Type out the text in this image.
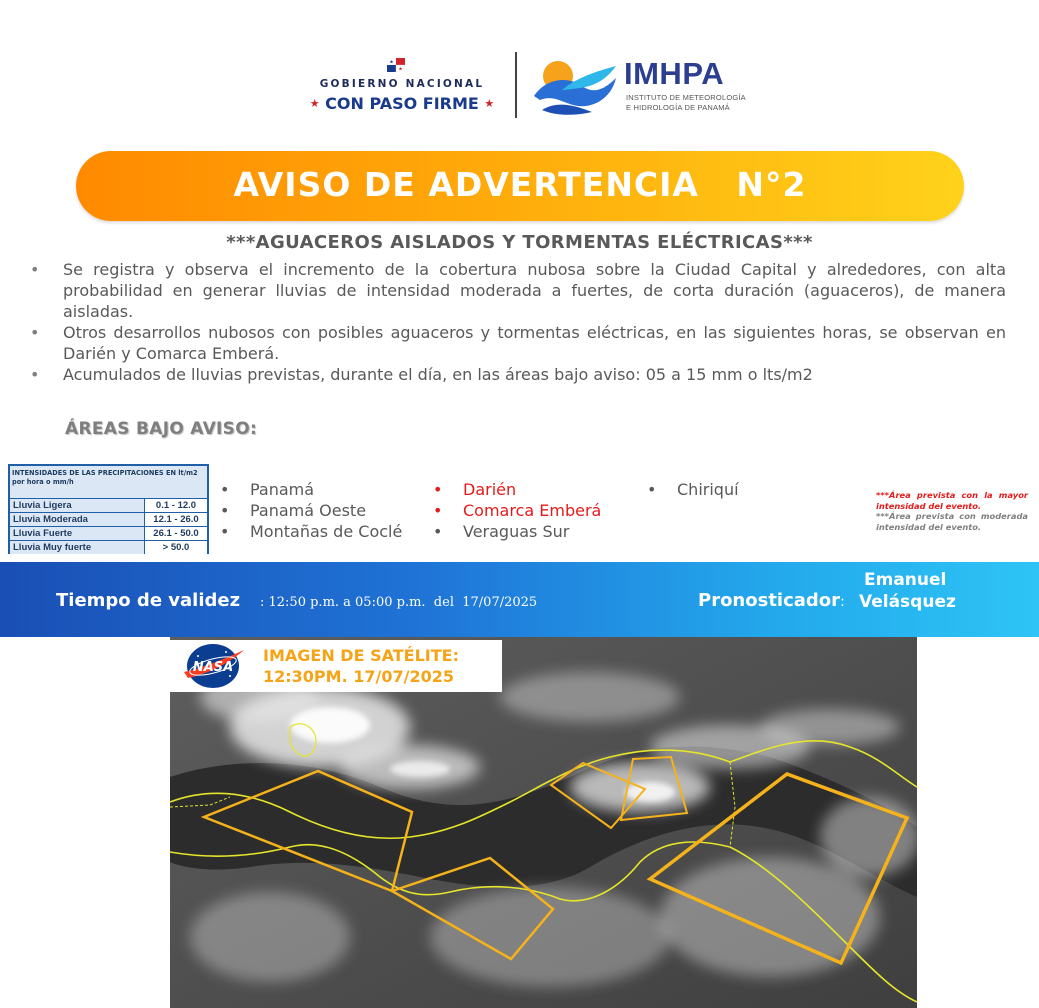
★
★
GOBIERNO NACIONAL
★ CON PASO FIRME ★
IMHPA
INSTITUTO DE METEOROLOGÍA
E HIDROLOGÍA DE PANAMÁ
AVISO DE ADVERTENCIA   N°2
***AGUACEROS AISLADOS Y TORMENTAS ELÉCTRICAS***
• Se registra y observa el incremento de la cobertura nubosa sobre la Ciudad Capital y alrededores, con alta probabilidad en generar lluvias de intensidad moderada a fuertes, de corta duración (aguaceros), de manera aisladas.
• Otros desarrollos nubosos con posibles aguaceros y tormentas eléctricas, en las siguientes horas, se observan en Darién y Comarca Emberá.
• Acumulados de lluvias previstas, durante el día, en las áreas bajo aviso: 05 a 15 mm o lts/m2
ÁREAS BAJO AVISO:
INTENSIDADES DE LAS PRECIPITACIONES EN lt/m2 por hora o mm/h
Lluvia Ligera	0.1 - 12.0
Lluvia Moderada	12.1 - 26.0
Lluvia Fuerte	26.1 - 50.0
Lluvia Muy fuerte	> 50.0
• Panamá
• Panamá Oeste
• Montañas de Coclé
• Darién
• Comarca Emberá
• Veraguas Sur
• Chiriquí	***Área prevista con la mayor intensidad del evento.

***Área prevista con moderada intensidad del evento.

Tiempo de validez : 12:50 p.m. a 05:00 p.m.  del  17/07/2025	Pronosticador:
Emanuel
Velásquez
NASA
IMAGEN DE SATÉLITE:
12:30PM. 17/07/2025
